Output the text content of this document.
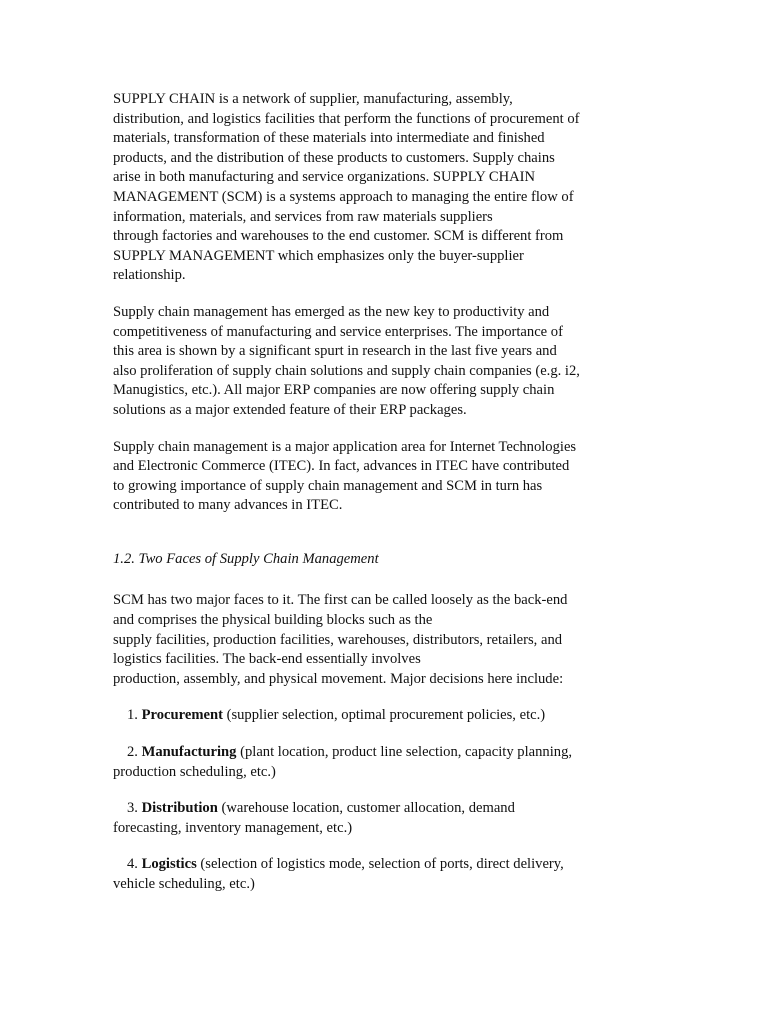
SUPPLY CHAIN is a network of supplier, manufacturing, assembly,
distribution, and logistics facilities that perform the functions of procurement of
materials, transformation of these materials into intermediate and finished
products, and the distribution of these products to customers. Supply chains
arise in both manufacturing and service organizations. SUPPLY CHAIN
MANAGEMENT (SCM) is a systems approach to managing the entire flow of
information, materials, and services from raw materials suppliers
through factories and warehouses to the end customer. SCM is different from
SUPPLY MANAGEMENT which emphasizes only the buyer-supplier
relationship.

Supply chain management has emerged as the new key to productivity and
competitiveness of manufacturing and service enterprises. The importance of
this area is shown by a significant spurt in research in the last five years and
also proliferation of supply chain solutions and supply chain companies (e.g. i2,
Manugistics, etc.). All major ERP companies are now offering supply chain
solutions as a major extended feature of their ERP packages.

Supply chain management is a major application area for Internet Technologies
and Electronic Commerce (ITEC). In fact, advances in ITEC have contributed
to growing importance of supply chain management and SCM in turn has
contributed to many advances in ITEC.

1.2. Two Faces of Supply Chain Management

SCM has two major faces to it. The first can be called loosely as the back-end
and comprises the physical building blocks such as the
supply facilities, production facilities, warehouses, distributors, retailers, and
logistics facilities. The back-end essentially involves
production, assembly, and physical movement. Major decisions here include:

1. Procurement (supplier selection, optimal procurement policies, etc.)

2. Manufacturing (plant location, product line selection, capacity planning,
production scheduling, etc.)

3. Distribution (warehouse location, customer allocation, demand
forecasting, inventory management, etc.)

4. Logistics (selection of logistics mode, selection of ports, direct delivery,
vehicle scheduling, etc.)
